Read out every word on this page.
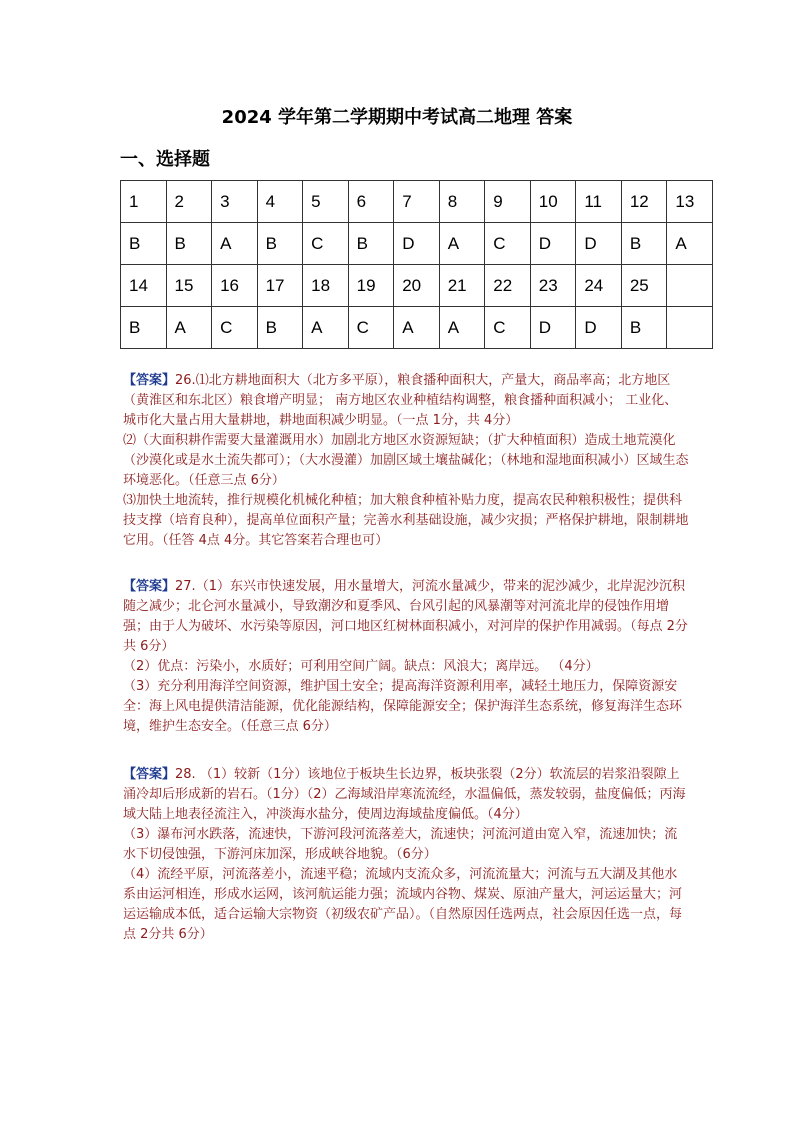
2024 学年第二学期期中考试高二地理 答案
一、选择题
1	2	3	4	5	6	7	8	9	10	11	12	13
B	B	A	B	C	B	D	A	C	D	D	B	A
14	15	16	17	18	19	20	21	22	23	24	25	
B	A	C	B	A	C	A	A	C	D	D	B	

【答案】26.⑴北方耕地面积大（北方多平原），粮食播种面积大，产量大，商品率高；北方地区（黄淮区和东北区）粮食增产明显； 南方地区农业种植结构调整，粮食播种面积减小； 工业化、城市化大量占用大量耕地，耕地面积减少明显。（一点 1分，共 4分）

⑵（大面积耕作需要大量灌溉用水）加剧北方地区水资源短缺；（扩大种植面积）造成土地荒漠化（沙漠化或是水土流失都可）；（大水漫灌）加剧区域土壤盐碱化；（林地和湿地面积减小）区域生态环境恶化。（任意三点 6分）

⑶加快土地流转，推行规模化机械化种植；加大粮食种植补贴力度，提高农民种粮积极性；提供科技支撑（培育良种），提高单位面积产量；完善水利基础设施，减少灾损；严格保护耕地，限制耕地它用。（任答 4点 4分。其它答案若合理也可）

【答案】27.（1）东兴市快速发展，用水量增大，河流水量减少，带来的泥沙减少，北岸泥沙沉积随之减少；北仑河水量减小，导致潮汐和夏季风、台风引起的风暴潮等对河流北岸的侵蚀作用增强；由于人为破坏、水污染等原因，河口地区红树林面积减小，对河岸的保护作用减弱。（每点 2分共 6分）

（2）优点：污染小，水质好；可利用空间广阔。缺点：风浪大；离岸远。 （4分）

（3）充分利用海洋空间资源，维护国土安全；提高海洋资源利用率，减轻土地压力，保障资源安全：海上风电提供清洁能源，优化能源结构，保障能源安全；保护海洋生态系统，修复海洋生态环境，维护生态安全。（任意三点 6分）

【答案】28. （1）较新（1分）该地位于板块生长边界，板块张裂（2分）软流层的岩浆沿裂隙上涌冷却后形成新的岩石。（1分）（2）乙海域沿岸寒流流经，水温偏低，蒸发较弱，盐度偏低；丙海域大陆上地表径流注入，冲淡海水盐分，使周边海域盐度偏低。（4分）

（3）瀑布河水跌落，流速快，下游河段河流落差大，流速快；河流河道由宽入窄，流速加快；流水下切侵蚀强，下游河床加深，形成峡谷地貌。（6分）

（4）流经平原，河流落差小，流速平稳；流域内支流众多，河流流量大；河流与五大湖及其他水系由运河相连，形成水运网，该河航运能力强；流域内谷物、煤炭、原油产量大，河运运量大；河运运输成本低，适合运输大宗物资（初级农矿产品）。（自然原因任选两点，社会原因任选一点，每点 2分共 6分）
